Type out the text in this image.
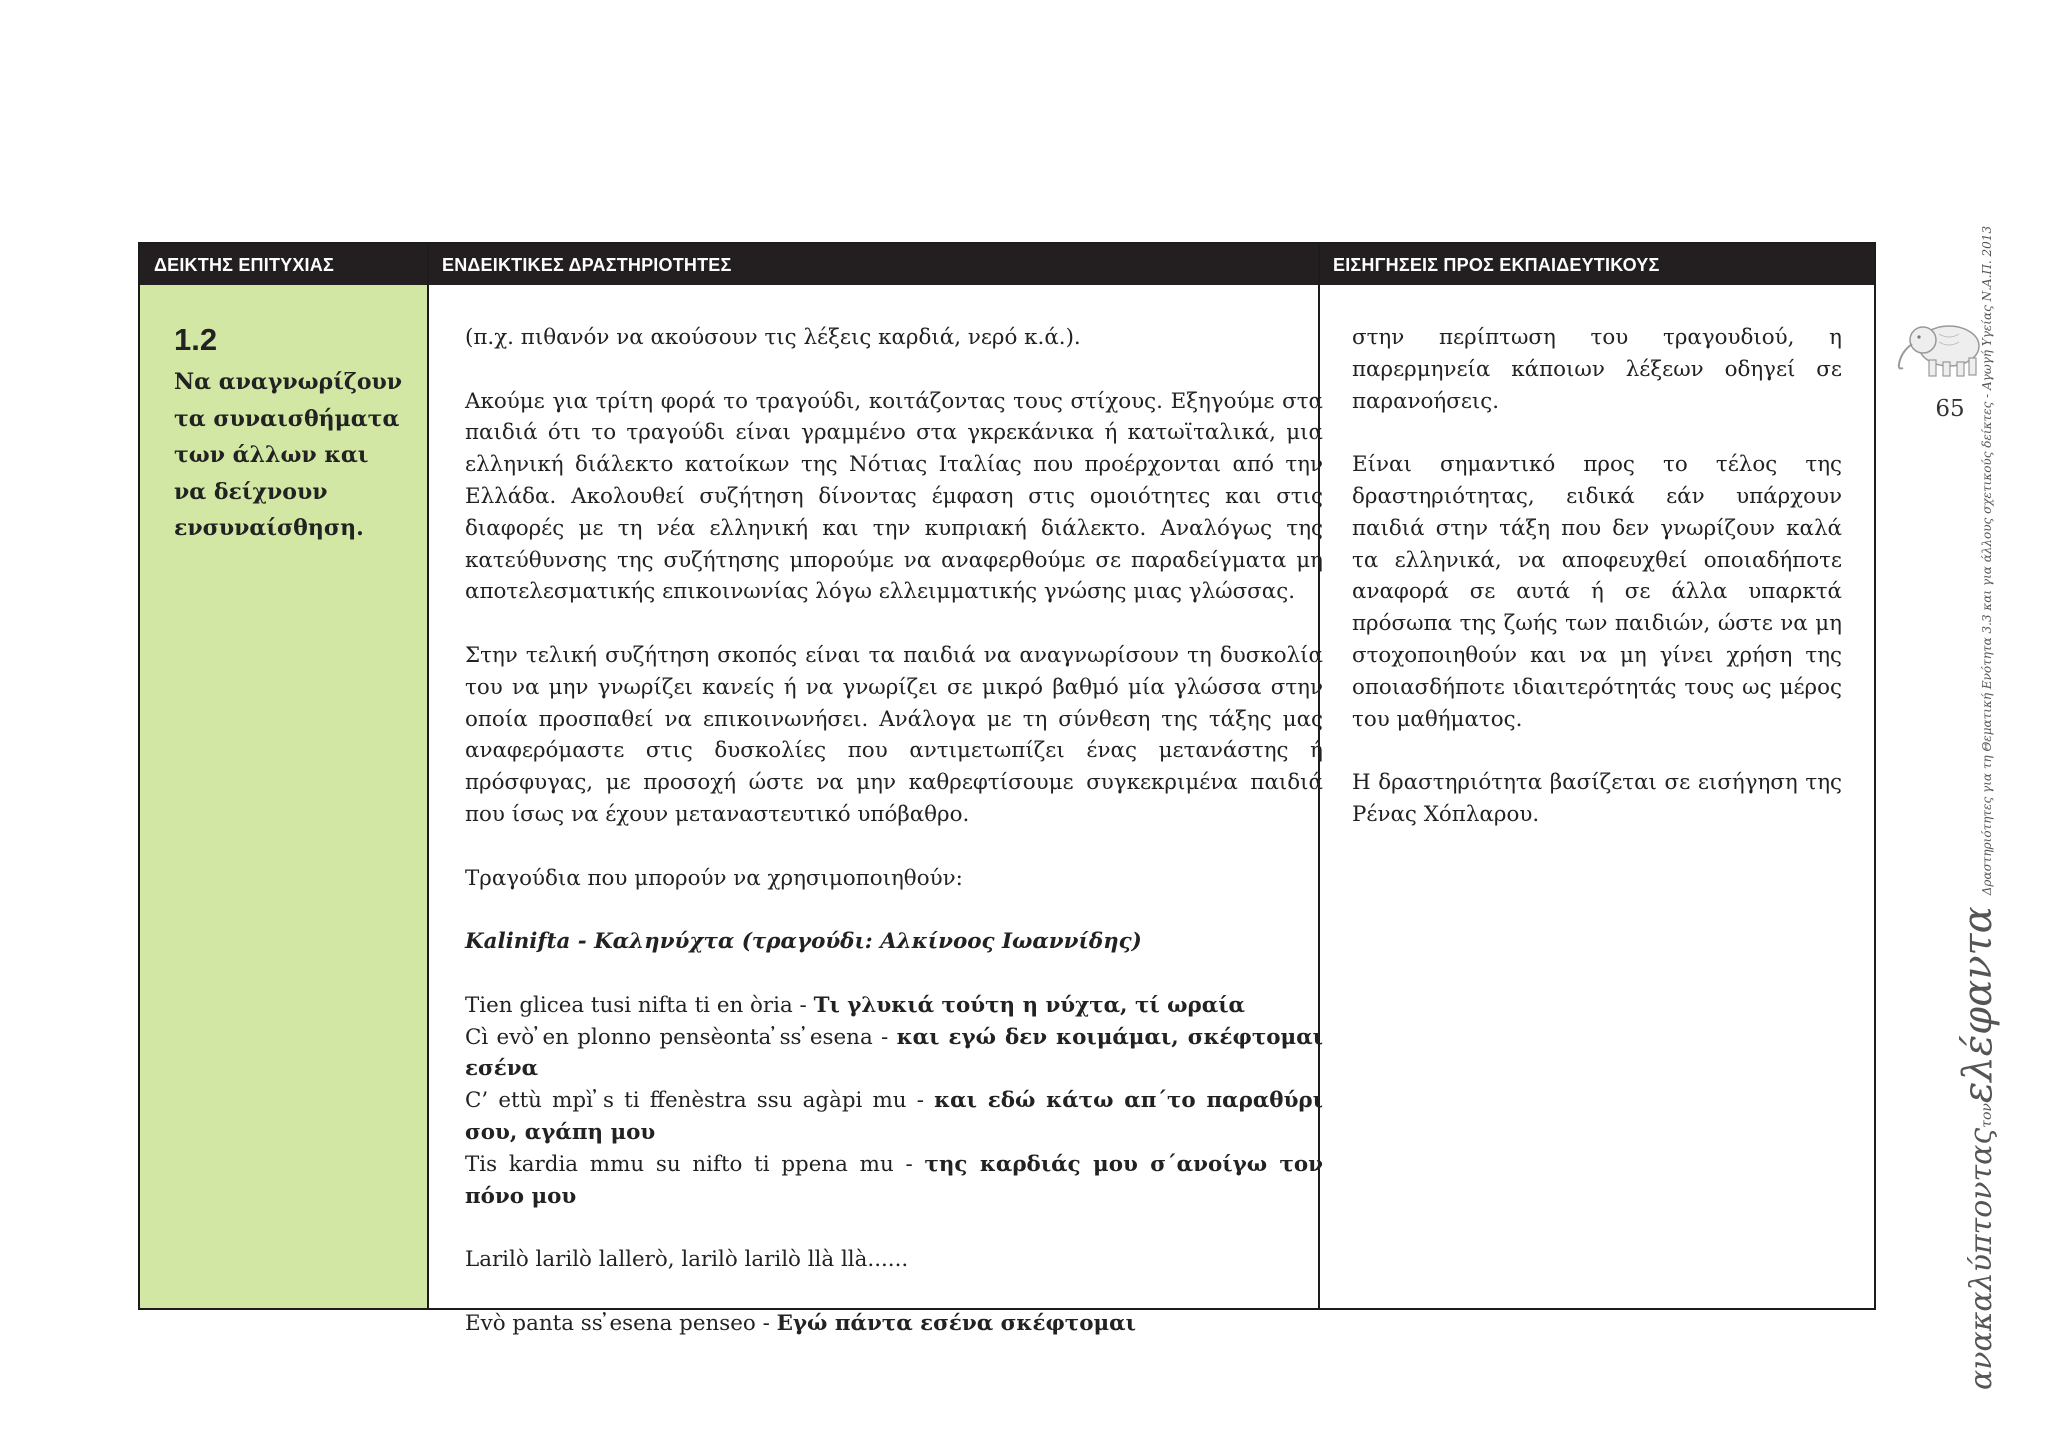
ΔΕΙΚΤΗΣ ΕΠΙΤΥΧΙΑΣ	ΕΝΔΕΙΚΤΙΚΕΣ ΔΡΑΣΤΗΡΙΟΤΗΤΕΣ	ΕΙΣΗΓΗΣΕΙΣ ΠΡΟΣ ΕΚΠΑΙΔΕΥΤΙΚΟΥΣ
1.2
Να αναγνωρίζουν
τα συναισθήματα
των άλλων και
να δείχνουν
ενσυναίσθηση.

(π.χ. πιθανόν να ακούσουν τις λέξεις καρδιά, νερό κ.ά.).

Ακούμε για τρίτη φορά το τραγούδι, κοιτάζοντας τους στίχους. Εξηγούμε στα παιδιά ότι το τραγούδι είναι γραμμένο στα γκρεκάνικα ή κατωϊταλικά, μια ελληνική διάλεκτο κατοίκων της Νότιας Ιταλίας που προέρχονται από την Ελλάδα. Ακολουθεί συζήτηση δίνοντας έμφαση στις ομοιότητες και στις διαφορές με τη νέα ελληνική και την κυπριακή διάλεκτο. Αναλόγως της κατεύθυνσης της συζήτησης μπορούμε να αναφερθούμε σε παραδείγματα μη αποτελεσματικής επικοινωνίας λόγω ελλειμματικής γνώσης μιας γλώσσας.

Στην τελική συζήτηση σκοπός είναι τα παιδιά να αναγνωρίσουν τη δυσκολία του να μην γνωρίζει κανείς ή να γνωρίζει σε μικρό βαθμό μία γλώσσα στην οποία προσπαθεί να επικοινωνήσει. Ανάλογα με τη σύνθεση της τάξης μας αναφερόμαστε στις δυσκολίες που αντιμετωπίζει ένας μετανάστης ή πρόσφυγας, με προσοχή ώστε να μην καθρεφτίσουμε συγκεκριμένα παιδιά που ίσως να έχουν μεταναστευτικό υπόβαθρο.

Τραγούδια που μπορούν να χρησιμοποιηθούν:

Kalinifta - Καληνύχτα (τραγούδι: Αλκίνοος Ιωαννίδης)

Tien glicea tusi nifta ti en òria - Τι γλυκιά τούτη η νύχτα, τί ωραία

Cì evò ̓en plonno pensèonta ̓ss ̓esena - και εγώ δεν κοιμάμαι, σκέφτομαι εσένα

C’ ettù mpì ̓s ti ffenèstra ssu agàpi mu - και εδώ κάτω απ΄το παραθύρι σου, αγάπη μου

Tis kardia mmu su nifto ti ppena mu - της καρδιάς μου σ΄ανοίγω τον πόνο μου

Larilò larilò lallerò, larilò larilò llà llà......

Evò panta ss ̓esena penseo - Εγώ πάντα εσένα σκέφτομαι

στην περίπτωση του τραγουδιού, η παρερμηνεία κάποιων λέξεων οδηγεί σε παρανοήσεις.

Είναι σημαντικό προς το τέλος της δραστηριότητας, ειδικά εάν υπάρχουν παιδιά στην τάξη που δεν γνωρίζουν καλά τα ελληνικά, να αποφευχθεί οποιαδήποτε αναφορά σε αυτά ή σε άλλα υπαρκτά πρόσωπα της ζωής των παιδιών, ώστε να μη στοχοποιηθούν και να μη γίνει χρήση της οποιασδήποτε ιδιαιτερότητάς τους ως μέρος του μαθήματος.

Η δραστηριότητα βασίζεται σε εισήγηση της Ρένας Χόπλαρου.

65
ανακαλύπτονταςτονελέφαντα Δραστηριότητες για τη Θεματική Ενότητα 3.3 και για άλλους σχετικούς δείκτες - Αγωγή Υγείας Ν.Α.Π. 2013
